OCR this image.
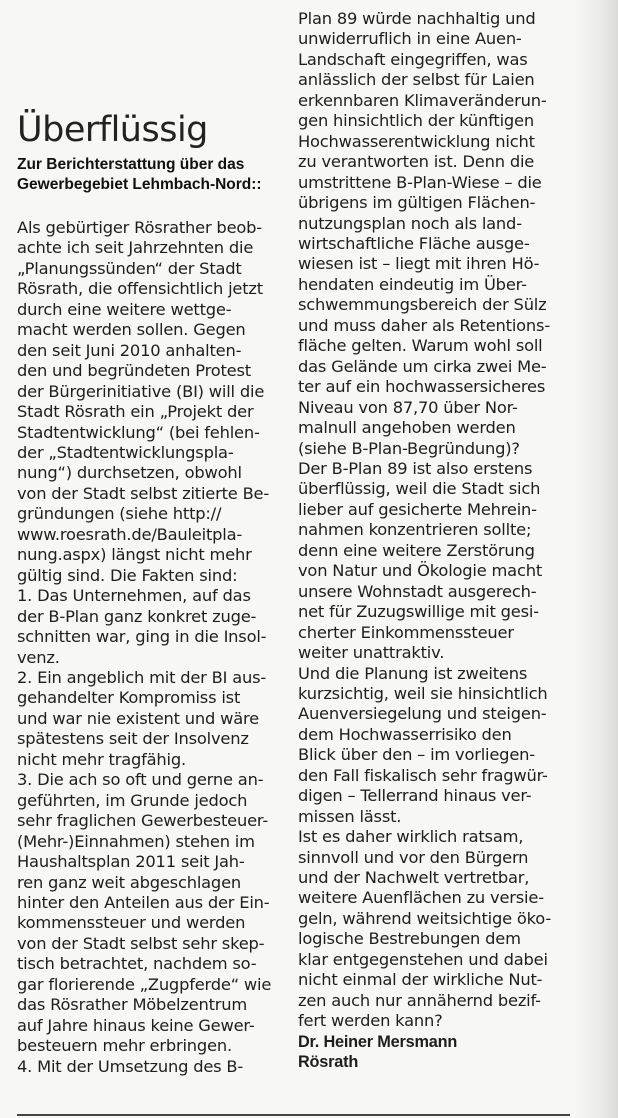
Überflüssig

Zur Berichterstattung über das Gewerbegebiet Lehmbach-Nord::

Als gebürtiger Rösrather beob-
achte ich seit Jahrzehnten die
„Planungssünden“ der Stadt
Rösrath, die offensichtlich jetzt
durch eine weitere wettge-
macht werden sollen. Gegen
den seit Juni 2010 anhalten-
den und begründeten Protest
der Bürgerinitiative (BI) will die
Stadt Rösrath ein „Projekt der
Stadtentwicklung“ (bei fehlen-
der „Stadtentwicklungspla-
nung“) durchsetzen, obwohl
von der Stadt selbst zitierte Be-
gründungen (siehe http://
www.roesrath.de/Bauleitpla-
nung.aspx) längst nicht mehr
gültig sind. Die Fakten sind:
1. Das Unternehmen, auf das
der B-Plan ganz konkret zuge-
schnitten war, ging in die Insol-
venz.
2. Ein angeblich mit der BI aus-
gehandelter Kompromiss ist
und war nie existent und wäre
spätestens seit der Insolvenz
nicht mehr tragfähig.
3. Die ach so oft und gerne an-
geführten, im Grunde jedoch
sehr fraglichen Gewerbesteuer-
(Mehr-)Einnahmen) stehen im
Haushaltsplan 2011 seit Jah-
ren ganz weit abgeschlagen
hinter den Anteilen aus der Ein-
kommenssteuer und werden
von der Stadt selbst sehr skep-
tisch betrachtet, nachdem so-
gar florierende „Zugpferde“ wie
das Rösrather Möbelzentrum
auf Jahre hinaus keine Gewer-
besteuern mehr erbringen.
4. Mit der Umsetzung des B-
Plan 89 würde nachhaltig und
unwiderruflich in eine Auen-
Landschaft eingegriffen, was
anlässlich der selbst für Laien
erkennbaren Klimaveränderun-
gen hinsichtlich der künftigen
Hochwasserentwicklung nicht
zu verantworten ist. Denn die
umstrittene B-Plan-Wiese – die
übrigens im gültigen Flächen-
nutzungsplan noch als land-
wirtschaftliche Fläche ausge-
wiesen ist – liegt mit ihren Hö-
hendaten eindeutig im Über-
schwemmungsbereich der Sülz
und muss daher als Retentions-
fläche gelten. Warum wohl soll
das Gelände um cirka zwei Me-
ter auf ein hochwassersicheres
Niveau von 87,70 über Nor-
malnull angehoben werden
(siehe B-Plan-Begründung)?
Der B-Plan 89 ist also erstens
überflüssig, weil die Stadt sich
lieber auf gesicherte Mehrein-
nahmen konzentrieren sollte;
denn eine weitere Zerstörung
von Natur und Ökologie macht
unsere Wohnstadt ausgerech-
net für Zuzugswillige mit gesi-
cherter Einkommenssteuer
weiter unattraktiv.
Und die Planung ist zweitens
kurzsichtig, weil sie hinsichtlich
Auenversiegelung und steigen-
dem Hochwasserrisiko den
Blick über den – im vorliegen-
den Fall fiskalisch sehr fragwür-
digen – Tellerrand hinaus ver-
missen lässt.
Ist es daher wirklich ratsam,
sinnvoll und vor den Bürgern
und der Nachwelt vertretbar,
weitere Auenflächen zu versie-
geln, während weitsichtige öko-
logische Bestrebungen dem
klar entgegenstehen und dabei
nicht einmal der wirkliche Nut-
zen auch nur annähernd bezif-
fert werden kann?
Dr. Heiner Mersmann
Rösrath
